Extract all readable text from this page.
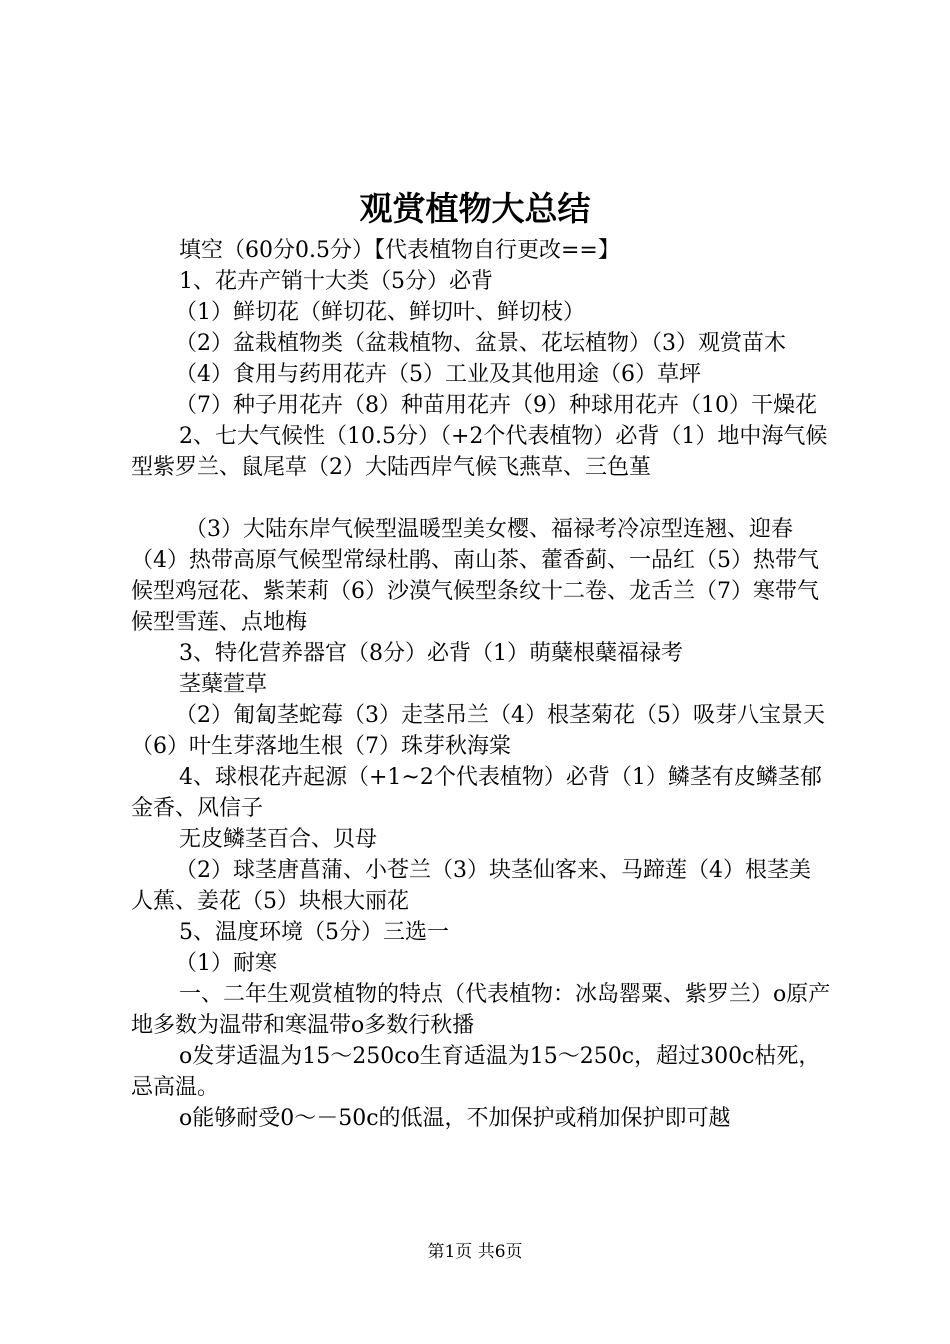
观赏植物大总结

填空（60分0.5分）【代表植物自行更改==】

1、花卉产销十大类（5分）必背

（1）鲜切花（鲜切花、鲜切叶、鲜切枝）

（2）盆栽植物类（盆栽植物、盆景、花坛植物）（3）观赏苗木

（4）食用与药用花卉（5）工业及其他用途（6）草坪

（7）种子用花卉（8）种苗用花卉（9）种球用花卉（10）干燥花

2、七大气候性（10.5分）（+2个代表植物）必背（1）地中海气候型紫罗兰、鼠尾草（2）大陆西岸气候飞燕草、三色堇

（3）大陆东岸气候型温暖型美女樱、福禄考冷凉型连翘、迎春（4）热带高原气候型常绿杜鹃、南山茶、藿香蓟、一品红（5）热带气候型鸡冠花、紫茉莉（6）沙漠气候型条纹十二卷、龙舌兰（7）寒带气候型雪莲、点地梅

3、特化营养器官（8分）必背（1）萌蘖根蘖福禄考

茎蘖萱草

（2）匍匐茎蛇莓（3）走茎吊兰（4）根茎菊花（5）吸芽八宝景天（6）叶生芽落地生根（7）珠芽秋海棠

4、球根花卉起源（+1~2个代表植物）必背（1）鳞茎有皮鳞茎郁金香、风信子

无皮鳞茎百合、贝母

（2）球茎唐菖蒲、小苍兰（3）块茎仙客来、马蹄莲（4）根茎美人蕉、姜花（5）块根大丽花

5、温度环境（5分）三选一

（1）耐寒

一、二年生观赏植物的特点（代表植物：冰岛罂粟、紫罗兰）o原产地多数为温带和寒温带o多数行秋播

o发芽适温为15～250co生育适温为15～250c，超过300c枯死，忌高温。

o能够耐受0～－50c的低温，不加保护或稍加保护即可越

第1页 共6页
